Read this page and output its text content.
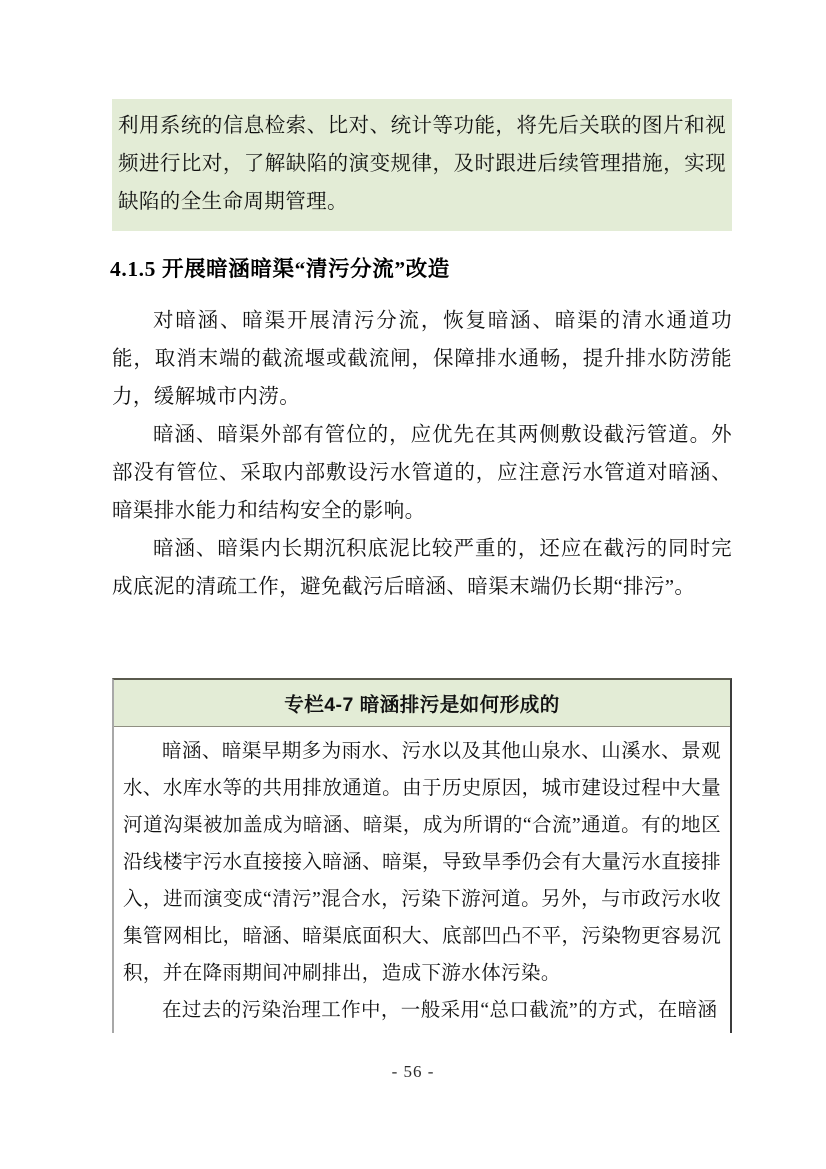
利用系统的信息检索、比对、统计等功能，将先后关联的图片和视频进行比对，了解缺陷的演变规律，及时跟进后续管理措施，实现缺陷的全生命周期管理。

4.1.5 开展暗涵暗渠“清污分流”改造

对暗涵、暗渠开展清污分流，恢复暗涵、暗渠的清水通道功能，取消末端的截流堰或截流闸，保障排水通畅，提升排水防涝能力，缓解城市内涝。

暗涵、暗渠外部有管位的，应优先在其两侧敷设截污管道。外部没有管位、采取内部敷设污水管道的，应注意污水管道对暗涵、暗渠排水能力和结构安全的影响。

暗涵、暗渠内长期沉积底泥比较严重的，还应在截污的同时完成底泥的清疏工作，避免截污后暗涵、暗渠末端仍长期“排污”。

专栏4-7 暗涵排污是如何形成的

暗涵、暗渠早期多为雨水、污水以及其他山泉水、山溪水、景观水、水库水等的共用排放通道。由于历史原因，城市建设过程中大量河道沟渠被加盖成为暗涵、暗渠，成为所谓的“合流”通道。有的地区沿线楼宇污水直接接入暗涵、暗渠，导致旱季仍会有大量污水直接排入，进而演变成“清污”混合水，污染下游河道。另外，与市政污水收集管网相比，暗涵、暗渠底面积大、底部凹凸不平，污染物更容易沉积，并在降雨期间冲刷排出，造成下游水体污染。

在过去的污染治理工作中，一般采用“总口截流”的方式，在暗涵

- 56 -
